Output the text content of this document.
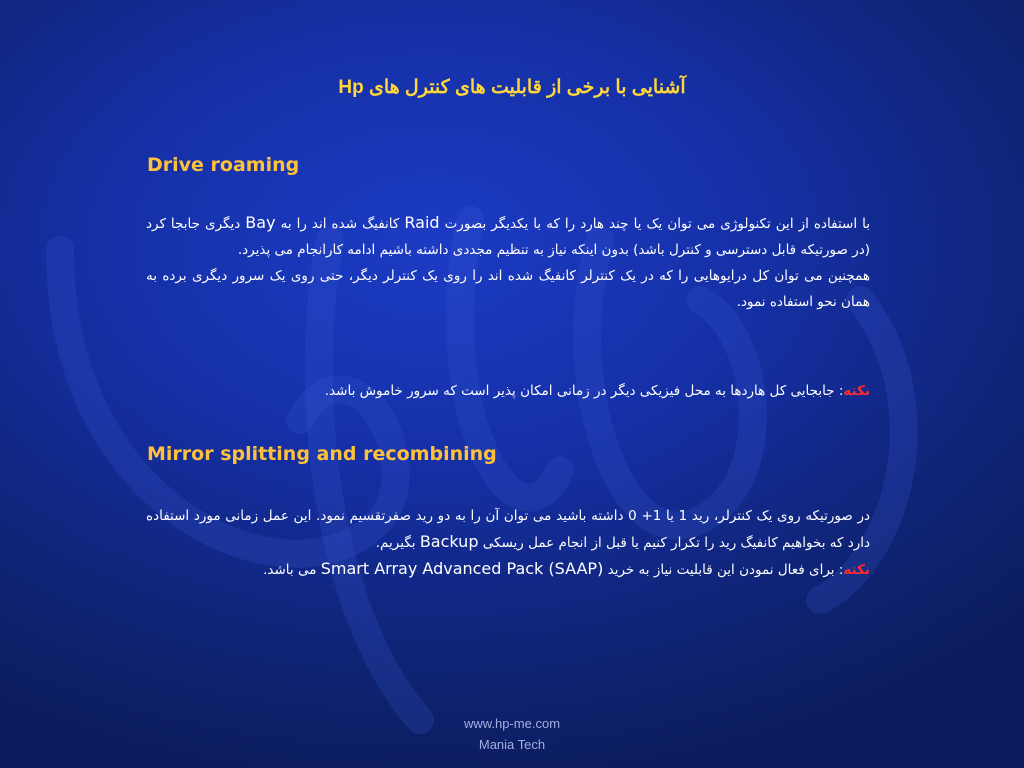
آشنایی با برخی از قابلیت های کنترل های Hp
Drive roaming

با استفاده از این تکنولوژی می توان یک یا چند هارد را که با یکدیگر بصورت Raid کانفیگ شده اند را به Bay دیگری جابجا کرد (در صورتیکه قابل دسترسی و کنترل باشد) بدون اینکه نیاز به تنظیم مجددی داشته باشیم ادامه کارانجام می پذیرد.

همچنین می توان کل درایوهایی را که در یک کنترلر کانفیگ شده اند را روی یک کنترلر دیگر، حتی روی یک سرور دیگری برده به همان نحو استفاده نمود.

نکته: جابجایی کل هاردها به محل فیزیکی دیگر در زمانی امکان پذیر است که سرور خاموش باشد.

Mirror splitting and recombining

در صورتیکه روی یک کنترلر، رید 1 یا 1+ 0 داشته باشید می توان آن را به دو رید صفرتقسیم نمود. این عمل زمانی مورد استفاده دارد که بخواهیم کانفیگ رید را تکرار کنیم یا قبل از انجام عمل ریسکی Backup بگیریم.

نکته: برای فعال نمودن این قابلیت نیاز به خرید Smart Array Advanced Pack (SAAP) می باشد.

www.hp-me.com
Mania Tech
